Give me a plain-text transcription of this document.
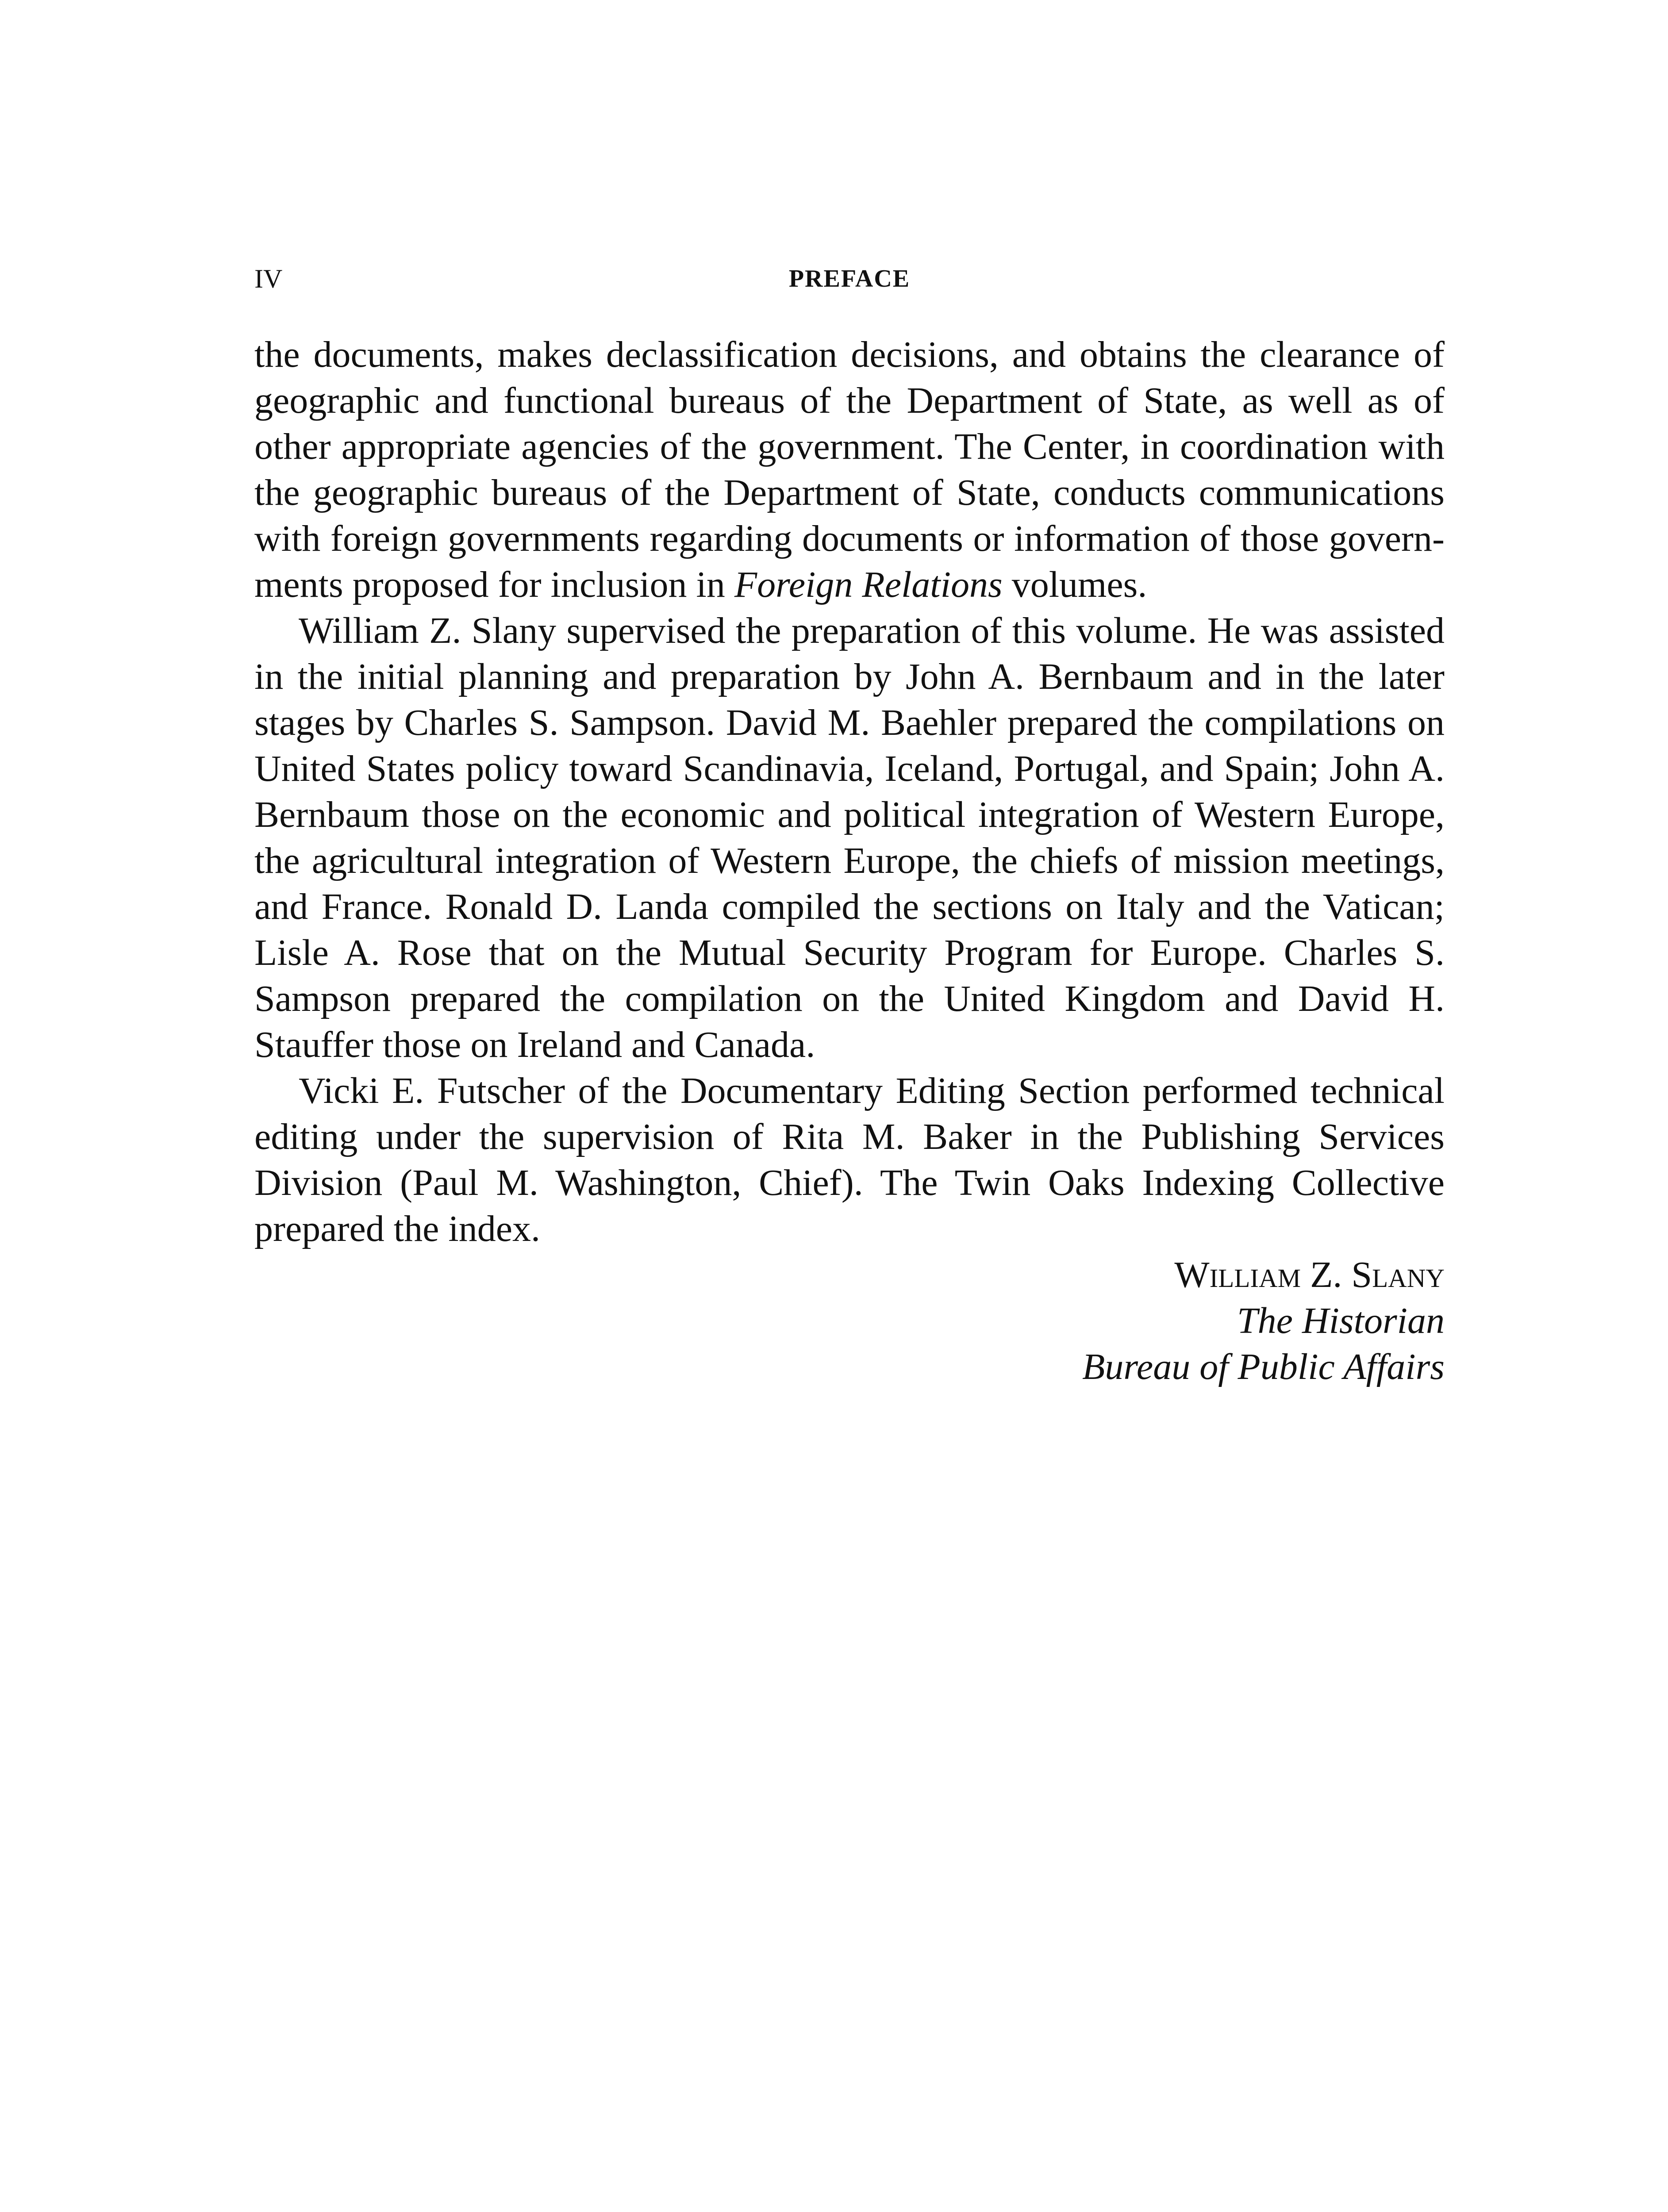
IV	PREFACE

the documents, makes declassification decisions, and obtains the clearance of geographic and functional bureaus of the Department of State, as well as of other appropriate agencies of the government. The Center, in coordination with the geographic bureaus of the Department of State, conducts communications with foreign governments regarding documents or information of those governments proposed for inclusion in Foreign Relations volumes.

William Z. Slany supervised the preparation of this volume. He was assisted in the initial planning and preparation by John A. Bernbaum and in the later stages by Charles S. Sampson. David M. Baehler prepared the compilations on United States policy toward Scandinavia, Iceland, Portugal, and Spain; John A. Bernbaum those on the economic and political integration of Western Europe, the agricultural integration of Western Europe, the chiefs of mission meetings, and France. Ronald D. Landa compiled the sections on Italy and the Vatican; Lisle A. Rose that on the Mutual Security Program for Europe. Charles S. Sampson prepared the compilation on the United Kingdom and David H. Stauffer those on Ireland and Canada.

Vicki E. Futscher of the Documentary Editing Section performed technical editing under the supervision of Rita M. Baker in the Publishing Services Division (Paul M. Washington, Chief). The Twin Oaks Indexing Collective prepared the index.

William Z. Slany
The Historian
Bureau of Public Affairs
